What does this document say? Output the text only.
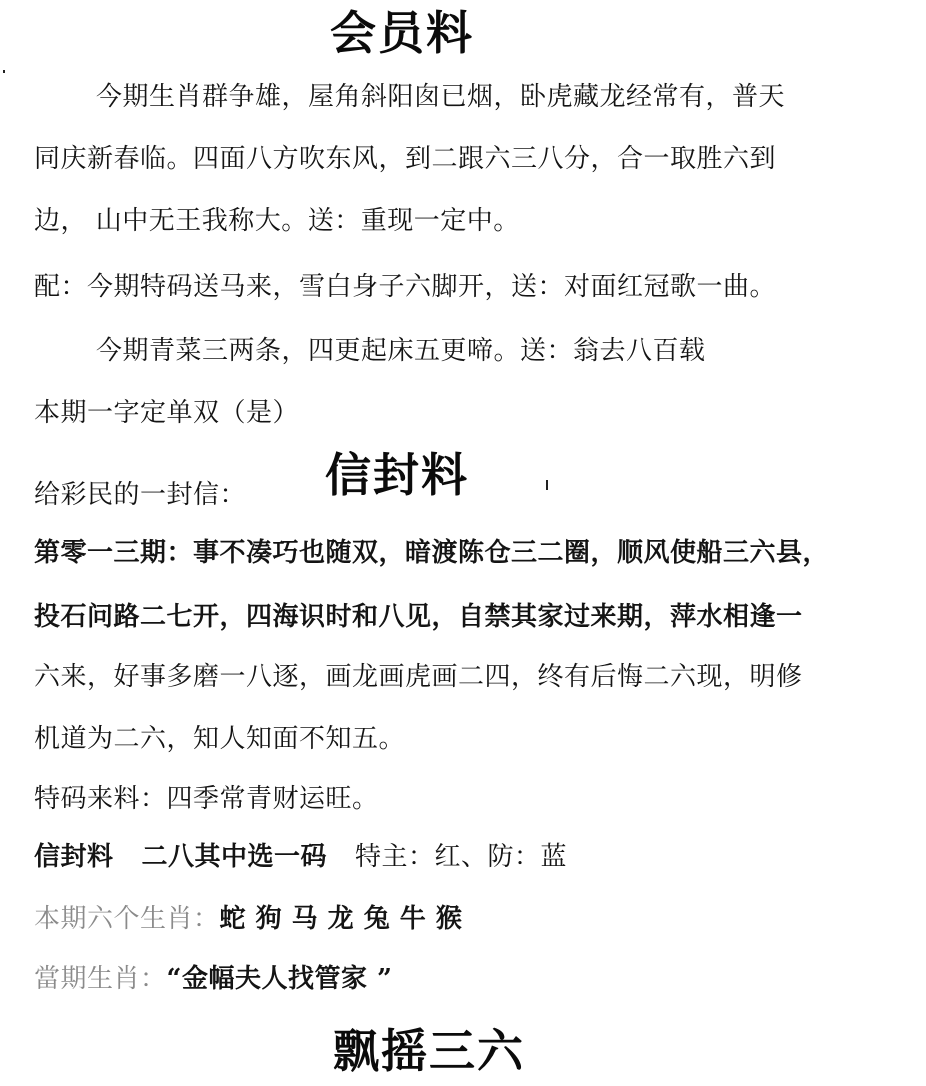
会员料
今期生肖群争雄，屋角斜阳囱已烟，卧虎藏龙经常有，普天
同庆新春临。四面八方吹东风，到二跟六三八分，合一取胜六到
边， 山中无王我称大。送：重现一定中。
配：今期特码送马来，雪白身子六脚开，送：对面红冠歌一曲。
今期青菜三两条，四更起床五更啼。送：翁去八百载
本期一字定单双（是）
给彩民的一封信： 信封料
第零一三期：事不凑巧也随双，暗渡陈仓三二圈，顺风使船三六县，
投石问路二七开，四海识时和八见，自禁其家过来期，萍水相逢一
六来，好事多磨一八逐，画龙画虎画二四，终有后悔二六现，明修
机道为二六，知人知面不知五。
特码来料：四季常青财运旺。
信封料 二八其中选一码 特主：红、防：蓝
本期六个生肖：蛇 狗 马 龙 兔 牛 猴
當期生肖：“金幅夫人找管家 ”
飘摇三六
